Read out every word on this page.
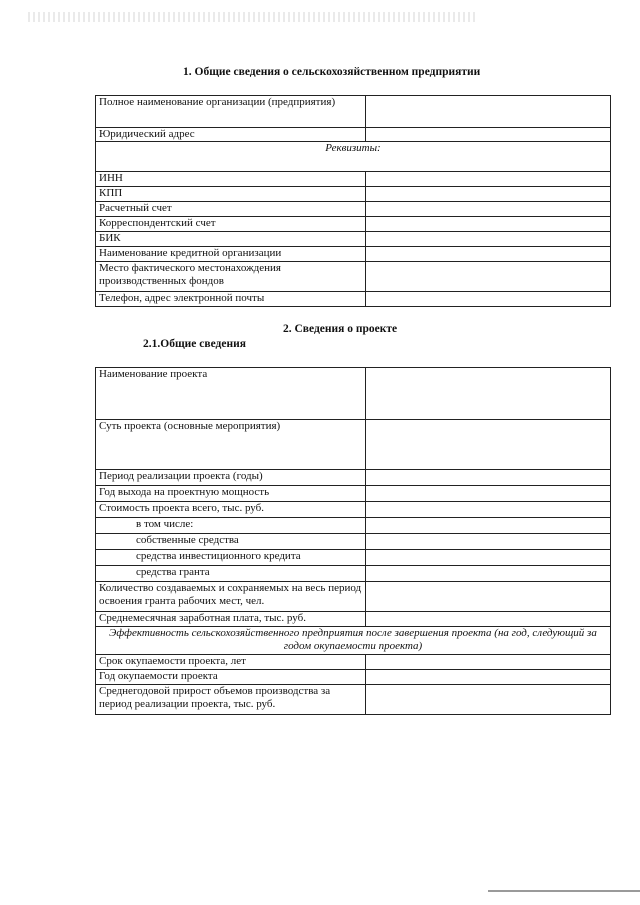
1. Общие сведения о сельскохозяйственном предприятии
Полное наименование организации (предприятия)	
Юридический адрес	
Реквизиты:	
ИНН	
КПП	
Расчетный счет	
Корреспондентский счет	
БИК	
Наименование кредитной организации	
Место фактического местонахождения производственных фондов	
Телефон, адрес электронной почты	
2. Сведения о проекте
2.1.Общие сведения
Наименование проекта	
Суть проекта (основные мероприятия)	
Период реализации проекта (годы)	
Год выхода на проектную мощность	
Стоимость проекта всего, тыс. руб.	
в том числе:	
собственные средства	
средства инвестиционного кредита	
средства гранта	
Количество создаваемых и сохраняемых на весь период освоения гранта рабочих мест, чел.	
Среднемесячная заработная плата, тыс. руб.	
Эффективность сельскохозяйственного предприятия после завершения проекта (на год, следующий за годом окупаемости проекта)	
Срок окупаемости проекта, лет	
Год окупаемости проекта	
Среднегодовой прирост объемов производства за период реализации проекта, тыс. руб.	
